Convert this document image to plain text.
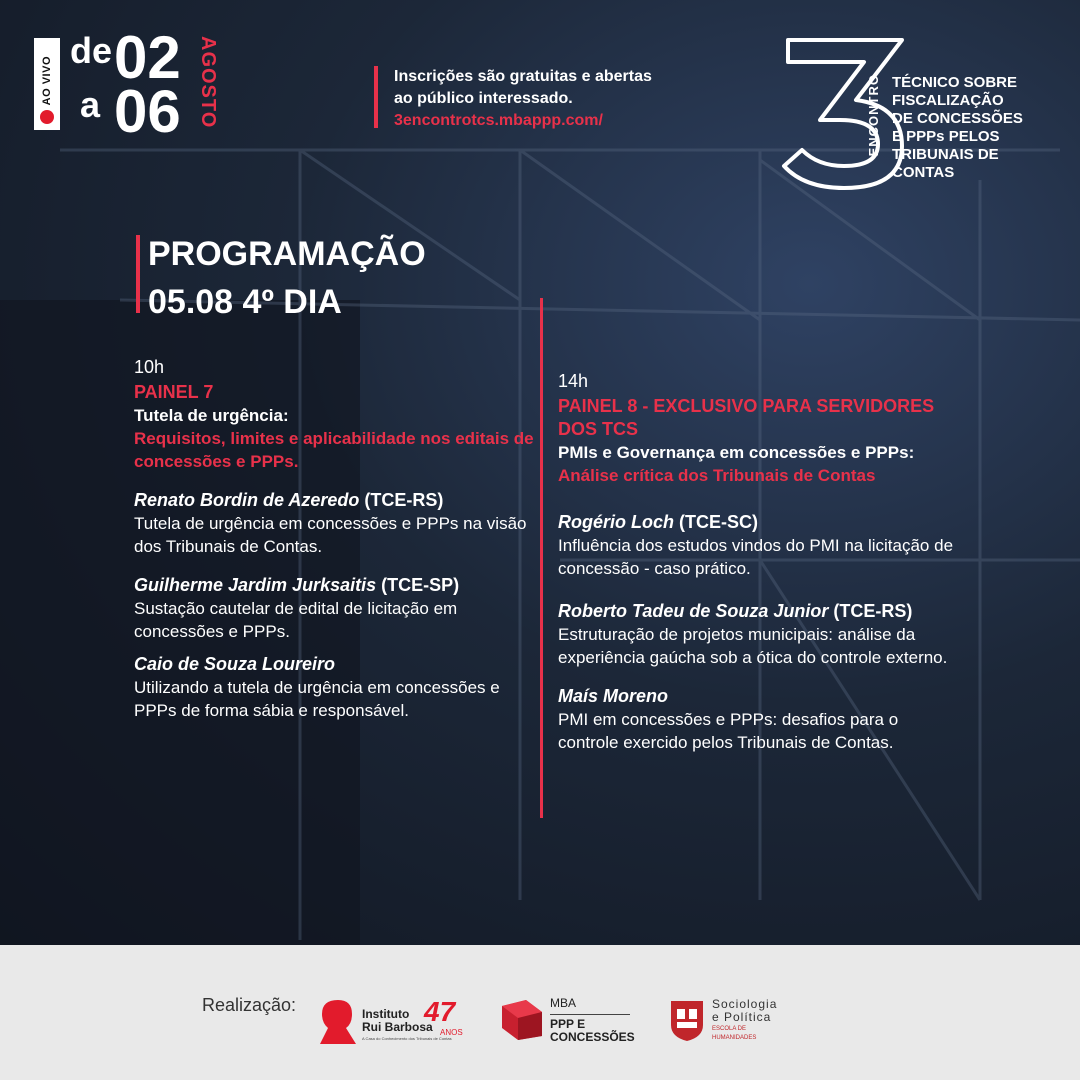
AO VIVO
de
a
02
06 AGOSTO	Inscrições são gratuitas e abertas
ao público interessado.
3encontrotcs.mbappp.com/	ENCONTRO TÉCNICO SOBRE
FISCALIZAÇÃO
DE CONCESSÕES
E PPPs PELOS
TRIBUNAIS DE
CONTAS
PROGRAMAÇÃO
05.08 4º DIA
10h
PAINEL 7
Tutela de urgência:
Requisitos, limites e aplicabilidade nos editais de concessões e PPPs.
Renato Bordin de Azeredo (TCE-RS)
Tutela de urgência em concessões e PPPs na visão dos Tribunais de Contas.
Guilherme Jardim Jurksaitis (TCE-SP)
Sustação cautelar de edital de licitação em concessões e PPPs.
Caio de Souza Loureiro
Utilizando a tutela de urgência em concessões e PPPs de forma sábia e responsável.
14h
PAINEL 8 - EXCLUSIVO PARA SERVIDORES DOS TCS
PMIs e Governança em concessões e PPPs:
Análise crítica dos Tribunais de Contas
Rogério Loch (TCE-SC)
Influência dos estudos vindos do PMI na licitação de concessão - caso prático.
Roberto Tadeu de Souza Junior (TCE-RS)
Estruturação de projetos municipais: análise da experiência gaúcha sob a ótica do controle externo.
Maís Moreno
PMI em concessões e PPPs: desafios para o controle exercido pelos Tribunais de Contas.
Realização:	Instituto
Rui Barbosa
A Casa do Conhecimento dos Tribunais de Contas
47
ANOS
MBA
PPP E
CONCESSÕES
Sociologia
e Política
ESCOLA DE
HUMANIDADES
